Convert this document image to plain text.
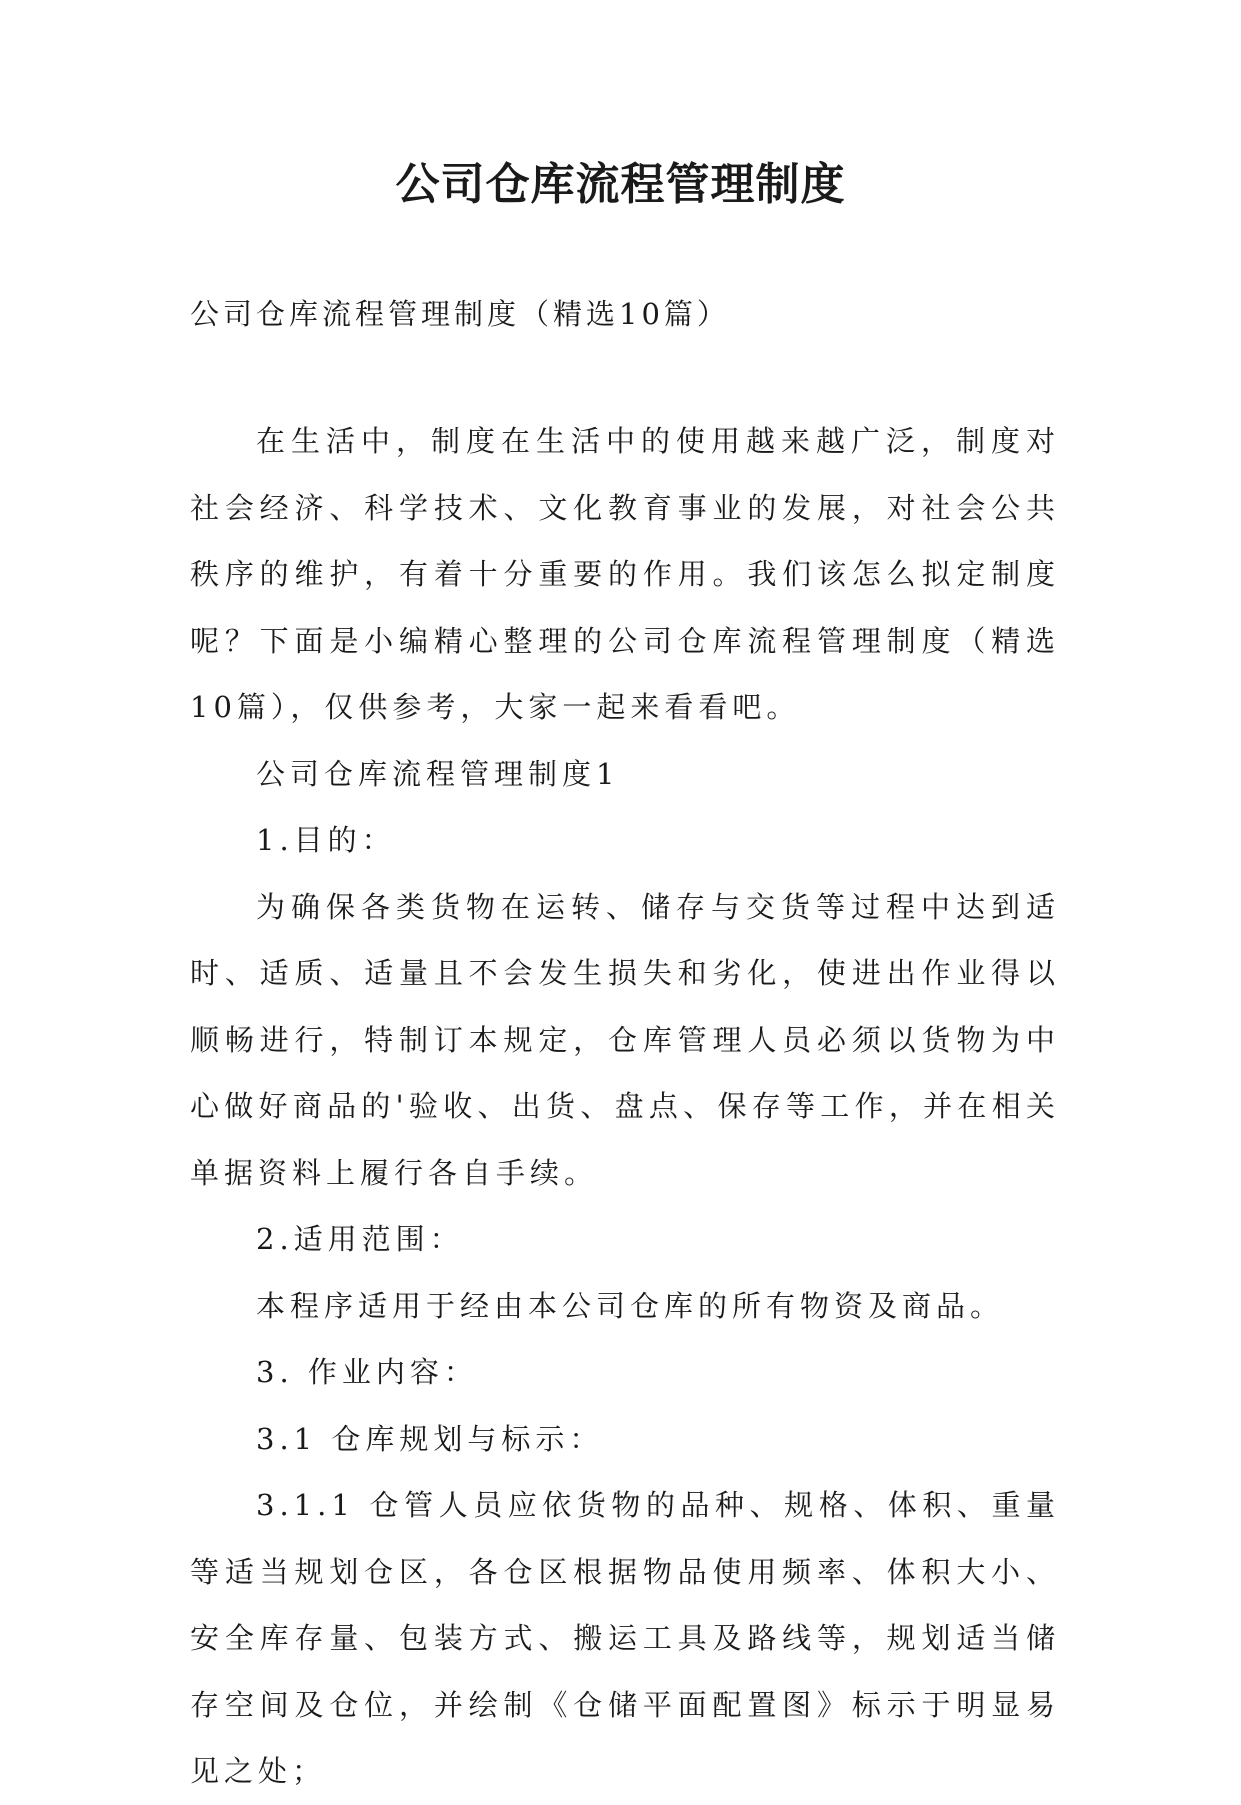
公司仓库流程管理制度

公司仓库流程管理制度（精选10篇）

在生活中，制度在生活中的使用越来越广泛，制度对社会经济、科学技术、文化教育事业的发展，对社会公共秩序的维护，有着十分重要的作用。我们该怎么拟定制度呢？下面是小编精心整理的公司仓库流程管理制度（精选10篇），仅供参考，大家一起来看看吧。

公司仓库流程管理制度1

1.目的：

为确保各类货物在运转、储存与交货等过程中达到适时、适质、适量且不会发生损失和劣化，使进出作业得以顺畅进行，特制订本规定，仓库管理人员必须以货物为中心做好商品的'验收、出货、盘点、保存等工作，并在相关单据资料上履行各自手续。

2.适用范围：

本程序适用于经由本公司仓库的所有物资及商品。

3. 作业内容：

3.1 仓库规划与标示：

3.1.1 仓管人员应依货物的品种、规格、体积、重量等适当规划仓区，各仓区根据物品使用频率、体积大小、安全库存量、包装方式、搬运工具及路线等，规划适当储存空间及仓位，并绘制《仓储平面配置图》标示于明显易见之处；
